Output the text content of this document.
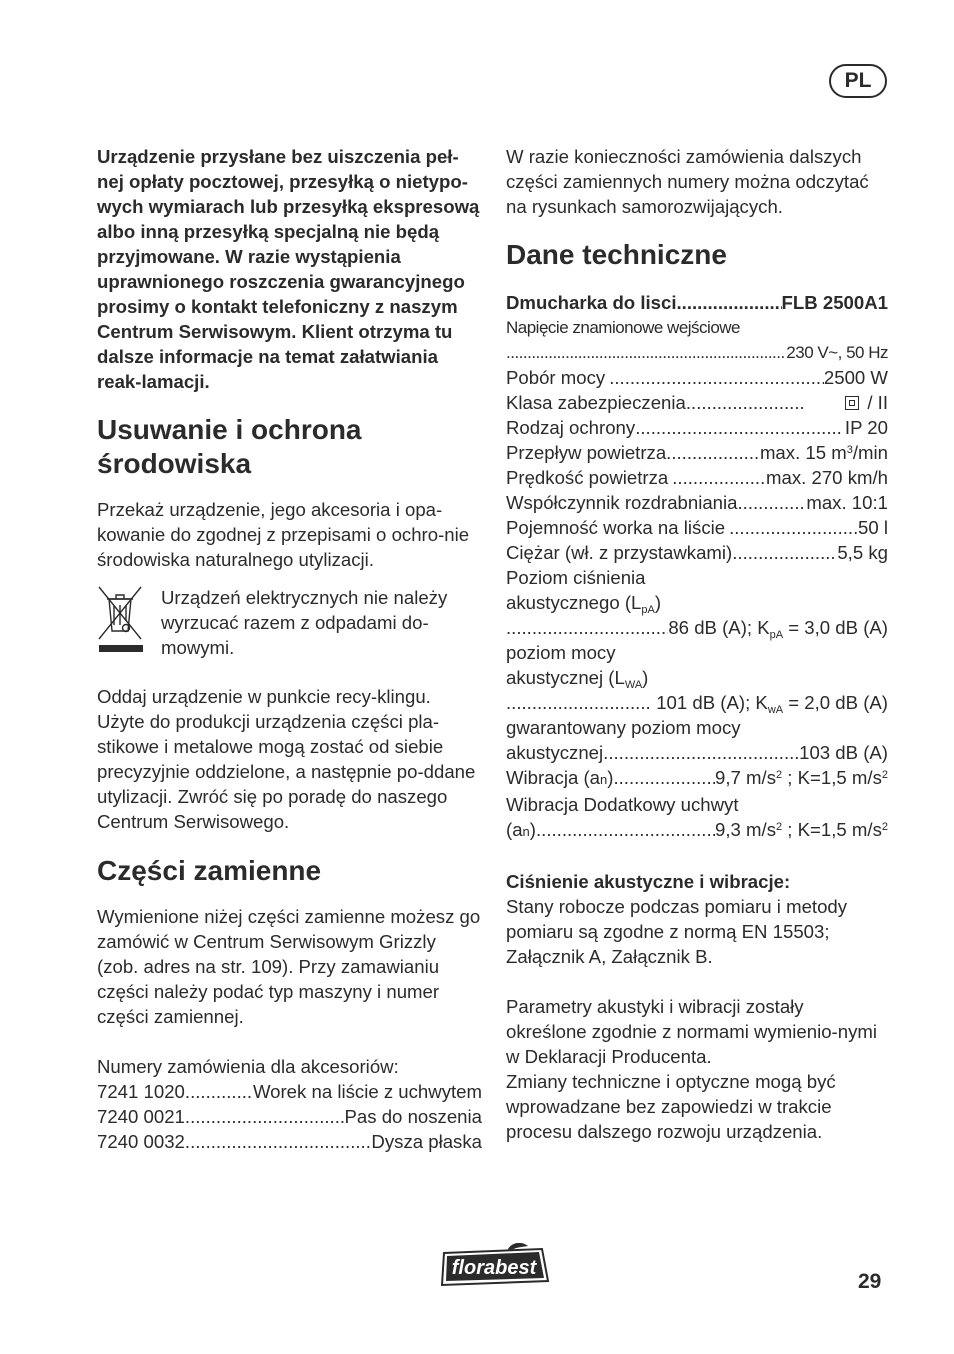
PL

Urządzenie przysłane bez uiszczenia peł-nej opłaty pocztowej, przesyłką o nietypo-wych wymiarach lub przesyłką ekspresową albo inną przesyłką specjalną nie będą przyjmowane. W razie wystąpienia uprawnionego roszczenia gwarancyjnego prosimy o kontakt telefoniczny z naszym Centrum Serwisowym. Klient otrzyma tu dalsze informacje na temat załatwiania reak-lamacji.

Usuwanie i ochrona środowiska

Przekaż urządzenie, jego akcesoria i opa-kowanie do zgodnej z przepisami o ochro-nie środowiska naturalnego utylizacji.

Urządzeń elektrycznych nie należy wyrzucać razem z odpadami do-mowymi.

Oddaj urządzenie w punkcie recy-klingu. Użyte do produkcji urządzenia części pla-stikowe i metalowe mogą zostać od siebie precyzyjnie oddzielone, a następnie po-ddane utylizacji. Zwróć się po poradę do naszego Centrum Serwisowego.

Części zamienne

Wymienione niżej części zamienne możesz go zamówić w Centrum Serwisowym Grizzly (zob. adres na str. 109). Przy zamawianiu części należy podać typ maszyny i numer części zamiennej.

Numery zamówienia dla akcesoriów:

7241 1020 .....	Worek na liście z uchwytem
7240 0021 .....	Pas do noszenia
7240 0032 .....	Dysza płaska

W razie konieczności zamówienia dalszych części zamiennych numery można odczytać na rysunkach samorozwijających.

Dane techniczne
Dmucharka do lisci .....	FLB 2500A1
Napięcie znamionowe wejściowe
.....
230 V~, 50 Hz
Pobór mocy .....	2500 W
Klasa zabezpieczenia .....	/ II
Rodzaj ochrony .....	IP 20
Przepływ powietrza .....	max. 15 $m^3/\min$
Prędkość powietrza .....	max. 270 km/h
Współczynnik rozdrabniania .....	max. 10:1
Pojemność worka na liście .....	50 l
Ciężar (wł. z przystawkami) .....	5,5 kg
Poziom ciśnienia
akustycznego $(L_{pA})$
.....
86 dB (A); $K_{pA} = 3,0$ dB (A)
poziom mocy
akustycznej $(L_{WA})$
.....
101 dB (A); $K_{wA} = 2,0$ dB (A)
gwarantowany poziom mocy
akustycznej .....	103 dB (A)
Wibracja (an) .....	9,7 $m/s^2$ ; K=1,5 $m/s^2$
Wibracja Dodatkowy uchwyt
(an) .....	9,3 $m/s^2$ ; K=1,5 $m/s^2$

Ciśnienie akustyczne i wibracje:

Stany robocze podczas pomiaru i metody pomiaru są zgodne z normą EN 15503; Załącznik A, Załącznik B.

Parametry akustyki i wibracji zostały określone zgodnie z normami wymienio-nymi w Deklaracji Producenta.

Zmiany techniczne i optyczne mogą być wprowadzane bez zapowiedzi w trakcie procesu dalszego rozwoju urządzenia.

florabest
29
